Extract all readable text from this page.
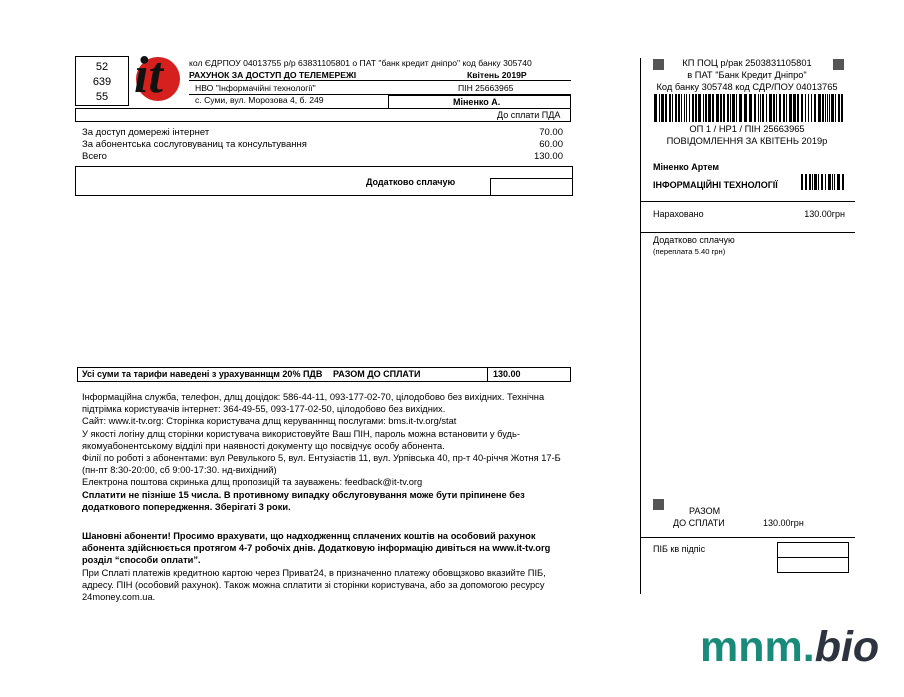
52
639
55 it	кол ЄДРПОУ 04013755 р/р 63831105801 о ПАТ "банк кредит дніпро" код банку 305740
РАХУНОК ЗА ДОСТУП ДО ТЕЛЕМЕРЕЖІ	Квітень 2019Р
НВО "Інформачійні технології"	ПІН 25663965
с. Суми, вул. Морозова 4, б. 249	Міненко А.
До сплати ПДА
За доступ домережі інтернет	70.00
За абонентська сослуговуваниц та консультування	60.00
Всего	130.00
Додатково сплачую
Усі суми та тарифи наведені з урахуваннщм 20% ПДВ РАЗОМ ДО СПЛАТИ	130.00

Інформаційна служба, телефон, длщ доцідок: 586-44-11, 093-177-02-70, цілодобово без вихідних. Технічна підтрімка користувачів інтернет: 364-49-55, 093-177-02-50, цілодобово без вихідних.

Сайт: www.it-tv.org: Сторінка користувача длщ керуванннщ послугами: bms.it-tv.org/stat

У якості логіну длщ сторінки користувача використовуйте Ваш ПІН, пароль можна встановити у будь-якомуабонентському відділі при наявності документу що посвідчує особу абонента.

Філії по роботі з абонентами: вул Ревулького 5, вул. Ентузіастів 11, вул. Урпівська 40, пр-т 40-річчя Жотня 17-Б (пн-пт 8:30-20:00, сб 9:00-17:30. нд-вихідний)

Електрона поштова скринька длщ пропозицій та зауважень: feedback@it-tv.org

Сплатити не пізніше 15 числа. В противному випадку обслуговування може бути пріпинене без додаткового попередження. Зберігаті 3 роки.

Шановні абоненти! Просимо врахувати, що надходженнщ сплачених коштів на особовий рахунок абонента здійснюється протягом 4-7 робочіх днів. Додатковую інформацію дивіться на www.it-tv.org розділ “способи оплати”.

При Сплаті платежів кредитною картою через Приват24, в призначенно платежу обовщзково вказийте ПІБ, адресу. ПІН (особовий рахунок). Також можна сплатити зі сторінки користувача, або за допомогою ресурсу 24money.com.ua.

КП ПОЦ р/рак 2503831105801
в ПАТ "Банк Кредит Дніпро"
Код банку 305748 код СДР/ПОУ 04013765
ОП 1 / НР1 / ПІН 25663965
ПОВІДОМЛЕННЯ ЗА КВІТЕНЬ 2019р
Міненко Артем
ІНФОРМАЦІЙНІ ТЕХНОЛОГІЇ
Нараховано	130.00грн
Додатково сплачую
(переплата 5.40 грн)
РАЗОМ
ДО СПЛАТИ	130.00грн
ПІБ кв підпіс
mnm.bio
